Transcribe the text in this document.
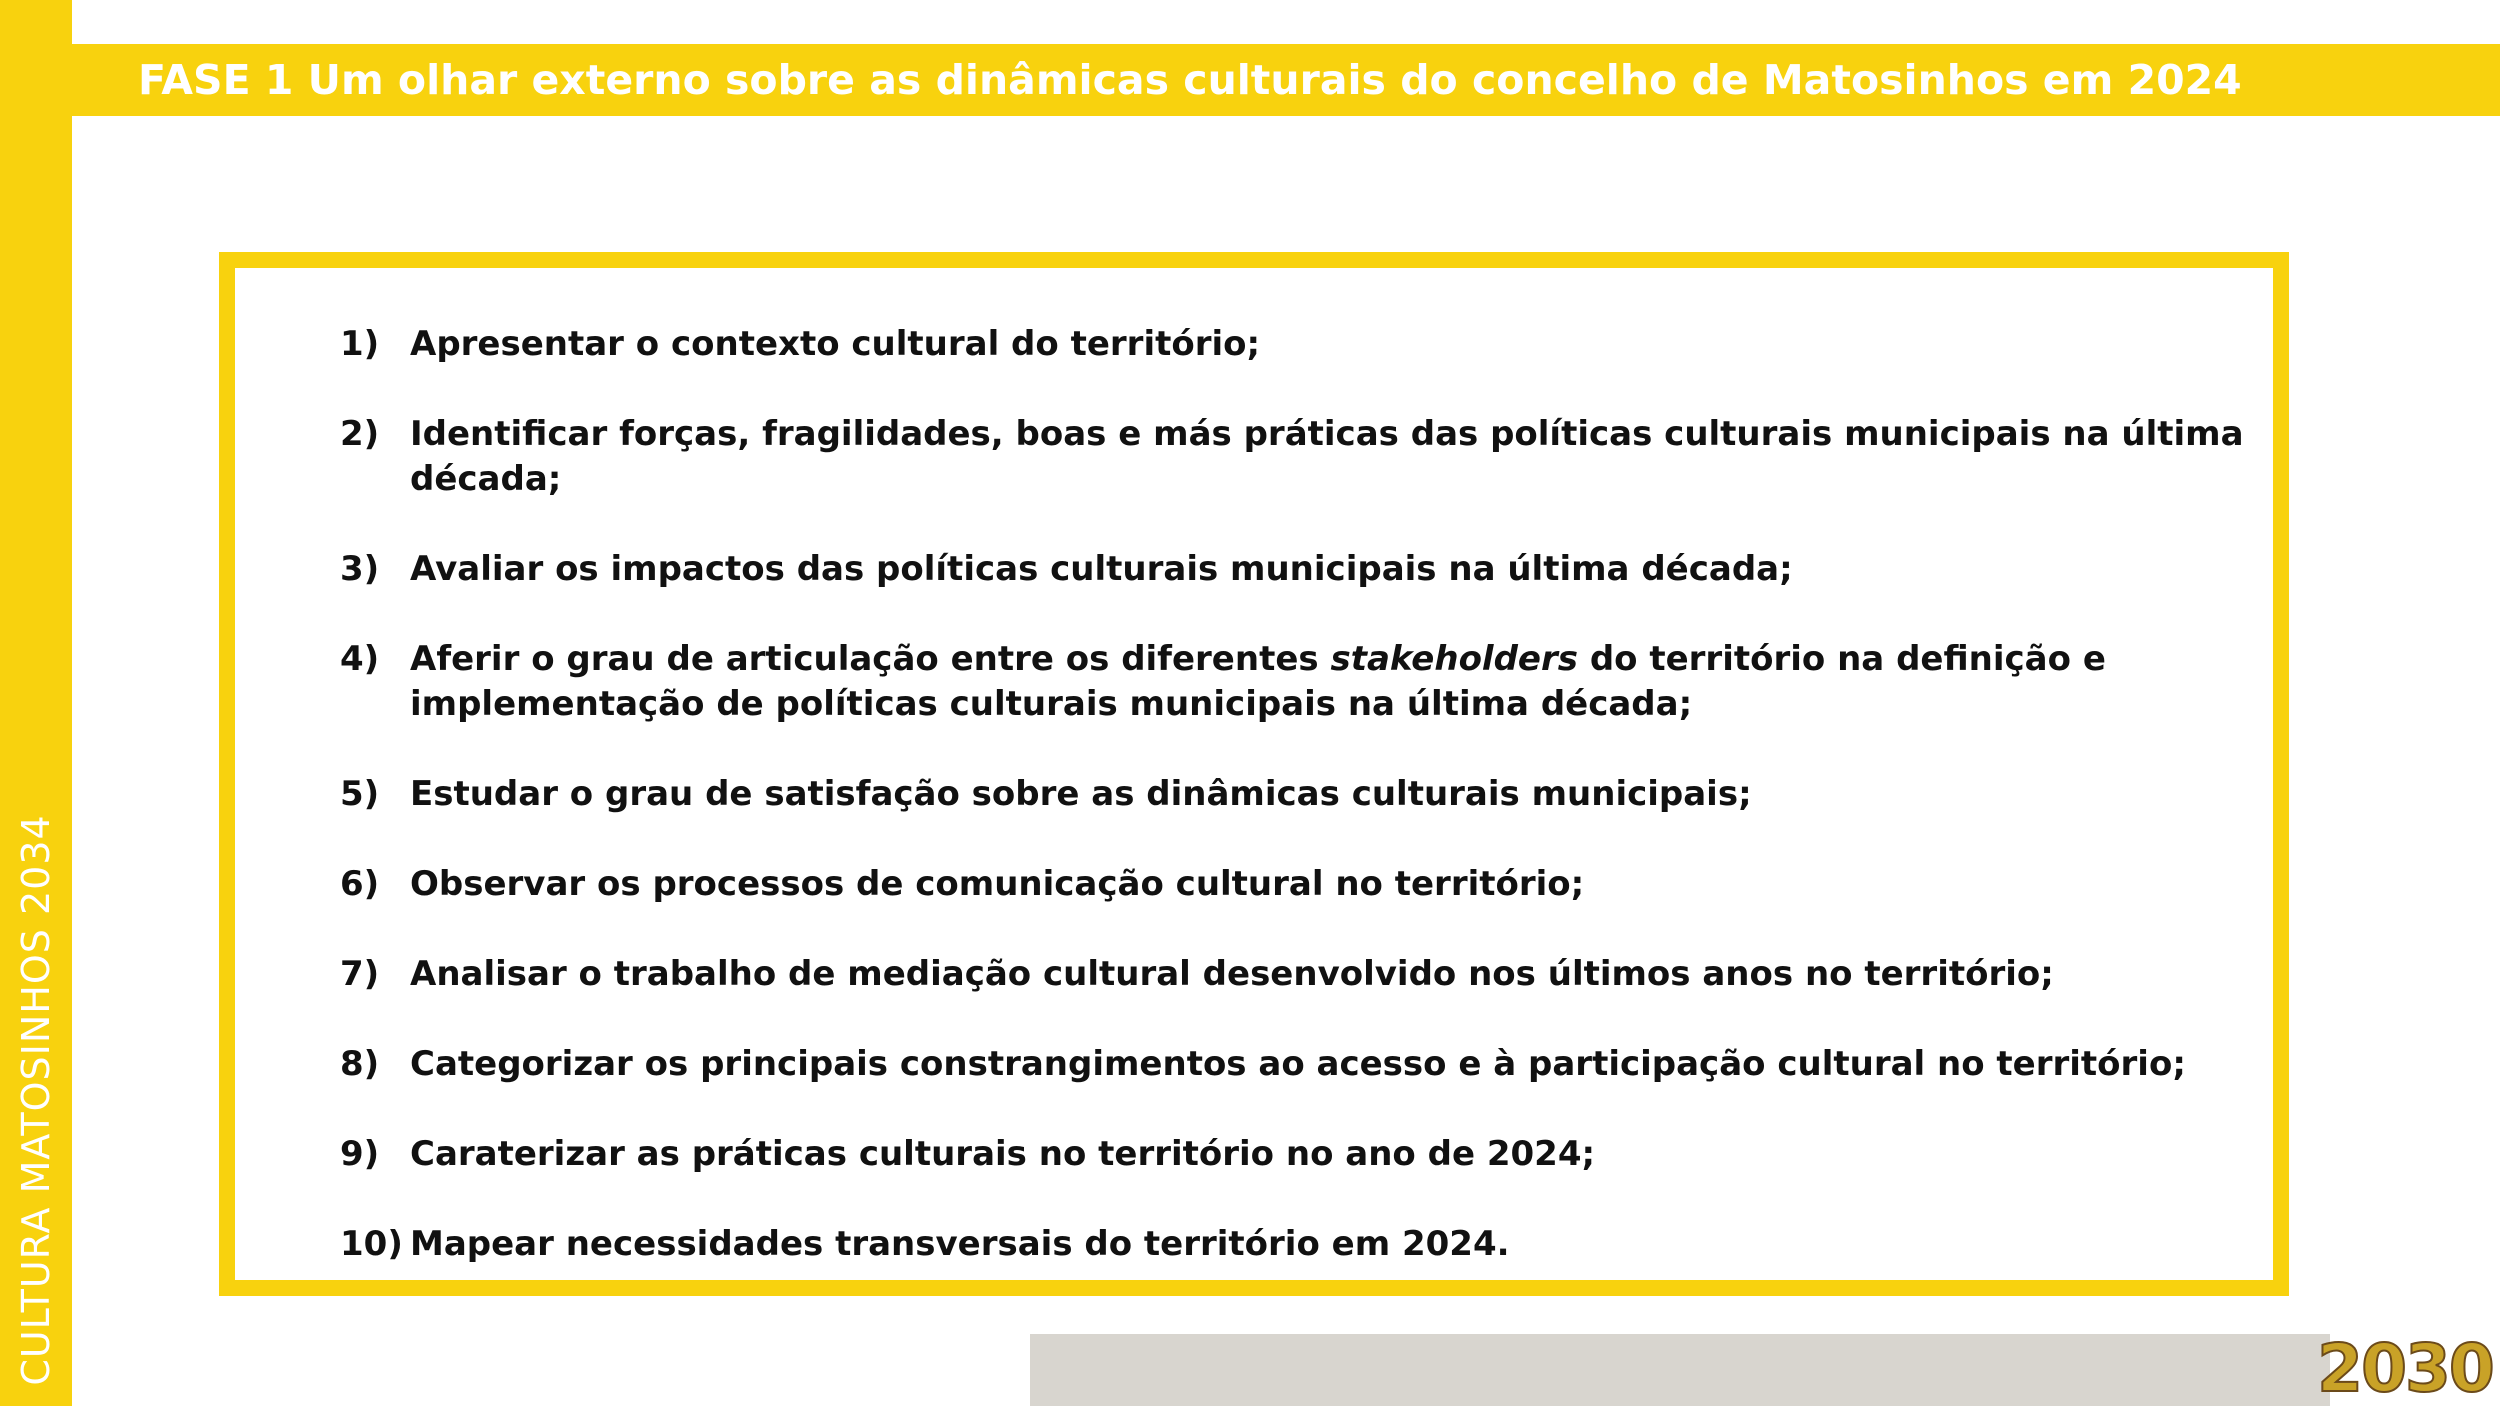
CULTURA MATOSINHOS 2034
FASE 1 Um olhar externo sobre as dinâmicas culturais do concelho de Matosinhos em 2024
1) Apresentar o contexto cultural do território;
2) Identificar forças, fragilidades, boas e más práticas das políticas culturais municipais na última década;
3) Avaliar os impactos das políticas culturais municipais na última década;
4) Aferir o grau de articulação entre os diferentes stakeholders do território na definição e implementação de políticas culturais municipais na última década;
5) Estudar o grau de satisfação sobre as dinâmicas culturais municipais;
6) Observar os processos de comunicação cultural no território;
7) Analisar o trabalho de mediação cultural desenvolvido nos últimos anos no território;
8) Categorizar os principais constrangimentos ao acesso e à participação cultural no território;
9) Caraterizar as práticas culturais no território no ano de 2024;
10) Mapear necessidades transversais do território em 2024.
2030
